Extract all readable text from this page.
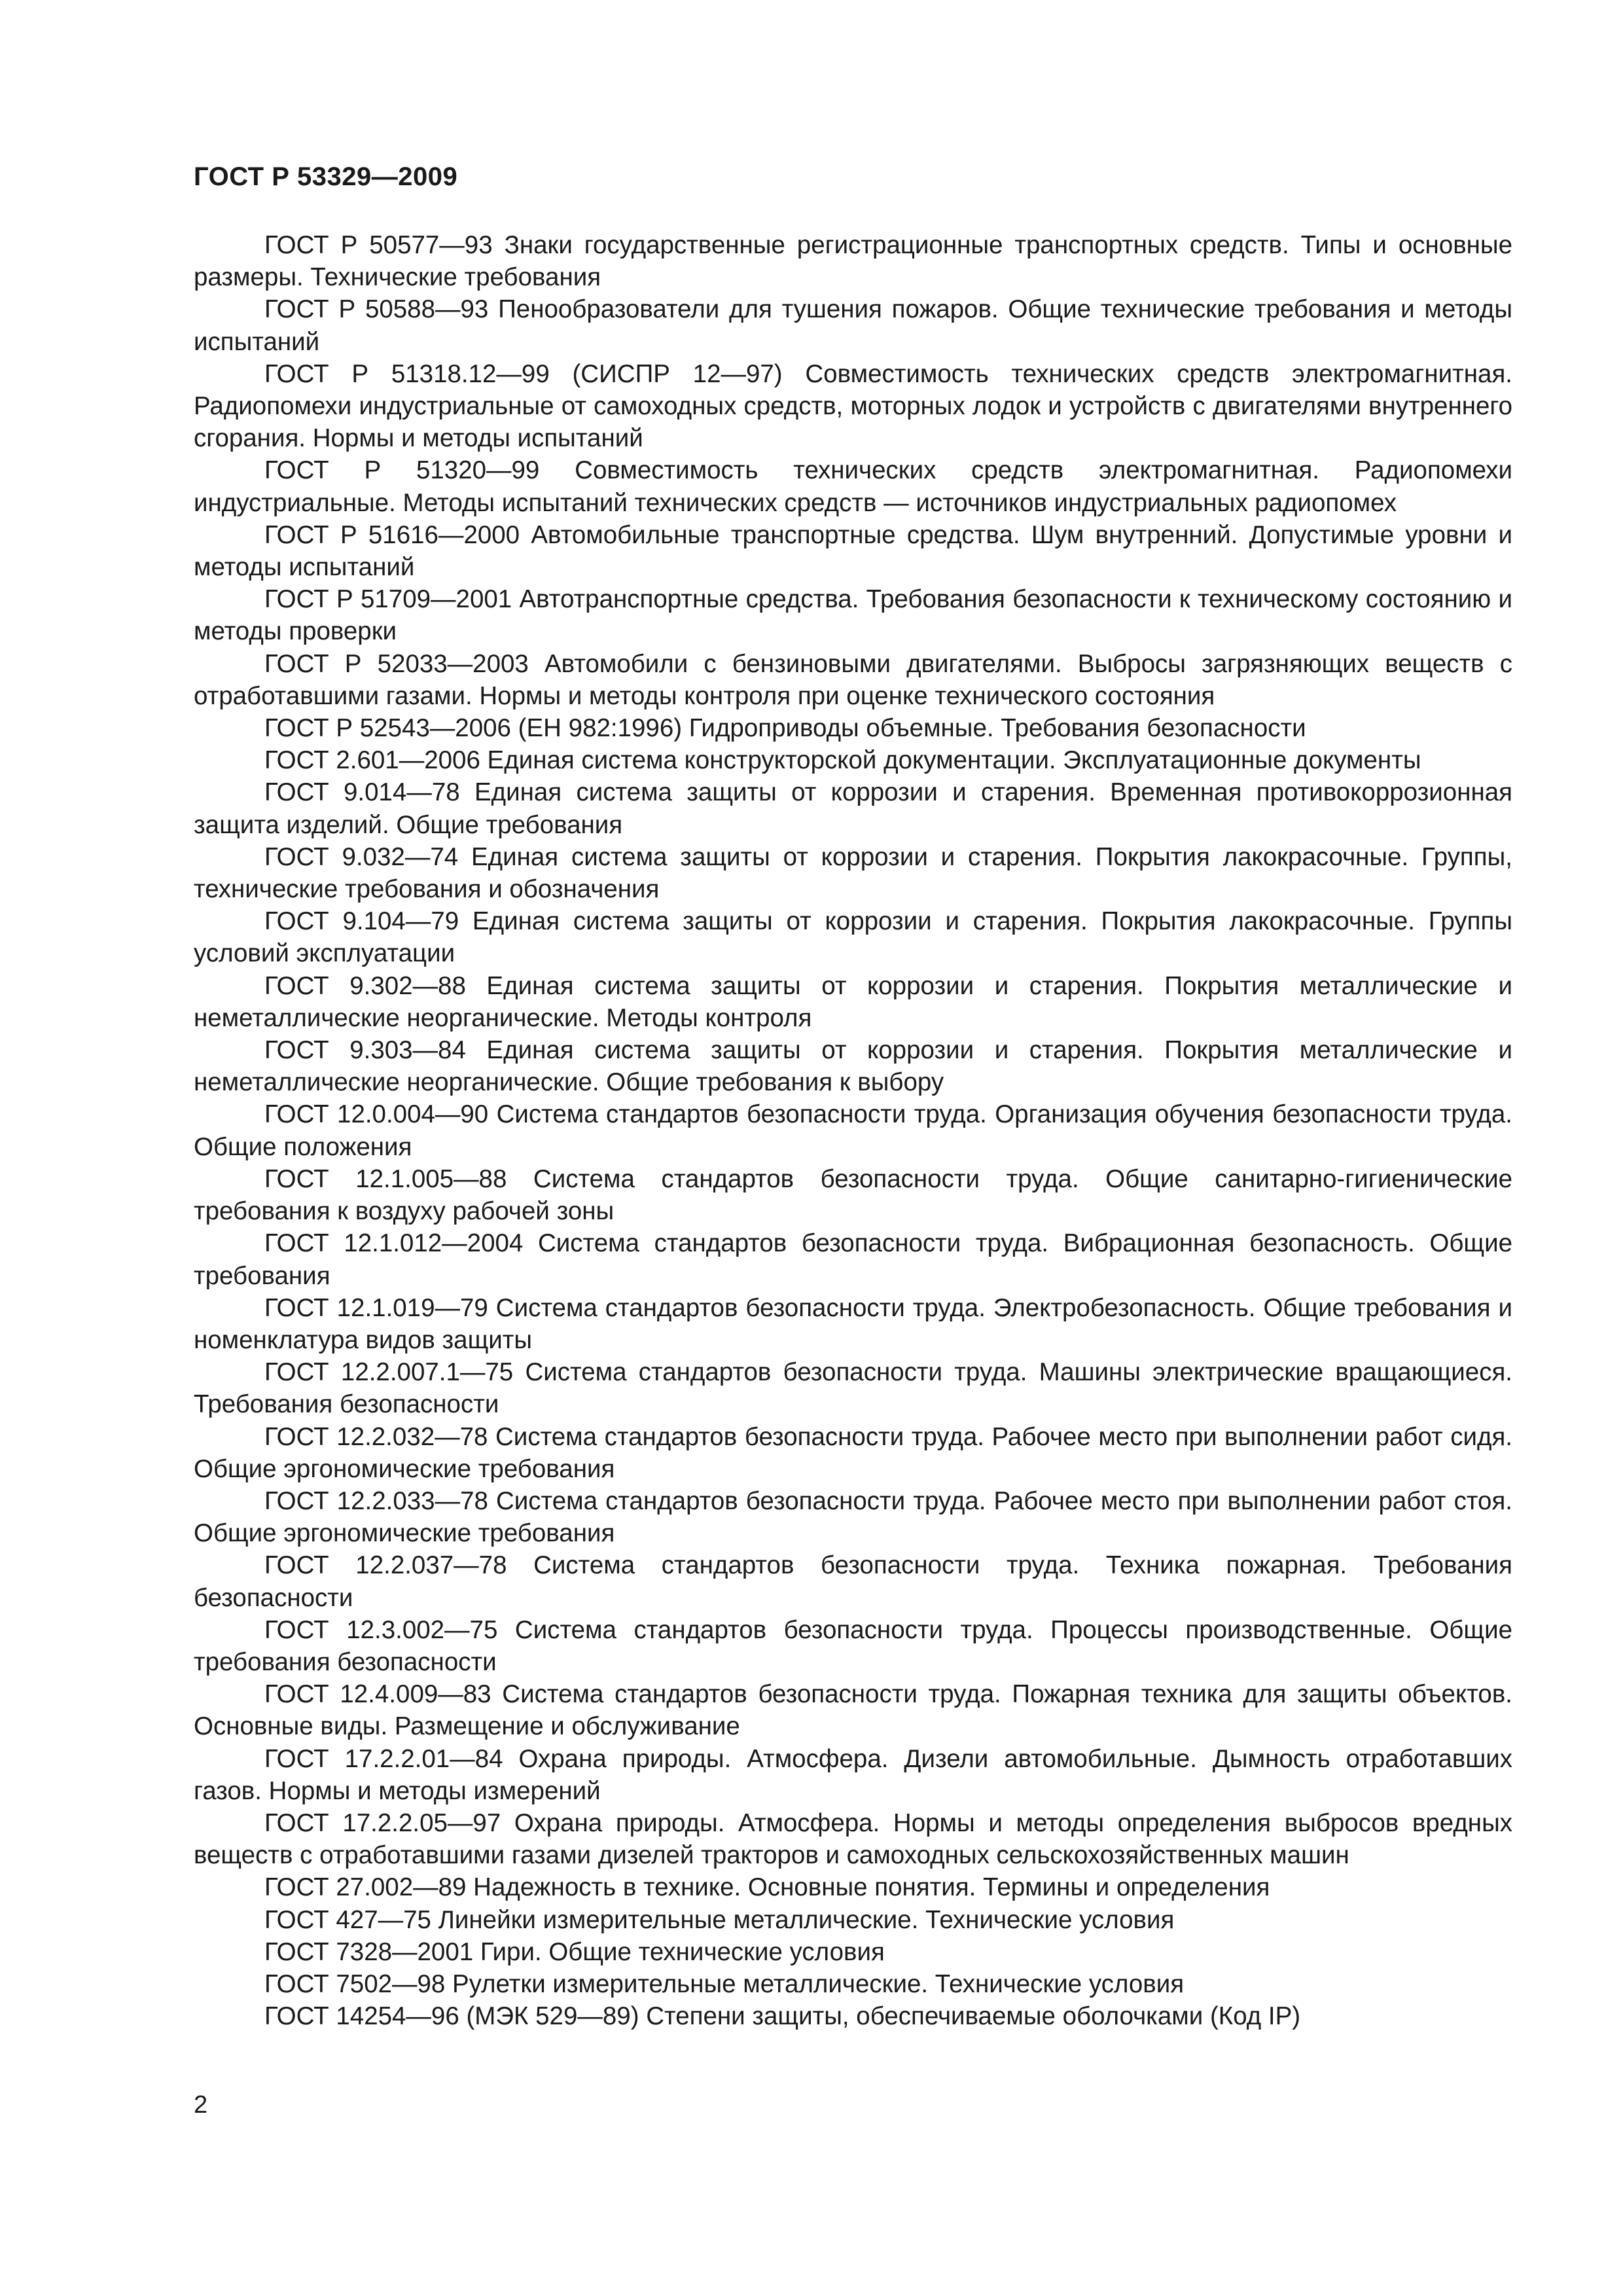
ГОСТ Р 53329—2009

ГОСТ Р 50577—93 Знаки государственные регистрационные транспортных средств. Типы и основные размеры. Технические требования

ГОСТ Р 50588—93 Пенообразователи для тушения пожаров. Общие технические требования и методы испытаний

ГОСТ Р 51318.12—99 (СИСПР 12—97) Совместимость технических средств электромагнитная. Радиопомехи индустриальные от самоходных средств, моторных лодок и устройств с двигателями внутреннего сгорания. Нормы и методы испытаний

ГОСТ Р 51320—99 Совместимость технических средств электромагнитная. Радиопомехи индустриальные. Методы испытаний технических средств — источников индустриальных радиопомех

ГОСТ Р 51616—2000 Автомобильные транспортные средства. Шум внутренний. Допустимые уровни и методы испытаний

ГОСТ Р 51709—2001 Автотранспортные средства. Требования безопасности к техническому состоянию и методы проверки

ГОСТ Р 52033—2003 Автомобили с бензиновыми двигателями. Выбросы загрязняющих веществ с отработавшими газами. Нормы и методы контроля при оценке технического состояния

ГОСТ Р 52543—2006 (ЕН 982:1996) Гидроприводы объемные. Требования безопасности

ГОСТ 2.601—2006 Единая система конструкторской документации. Эксплуатационные документы

ГОСТ 9.014—78 Единая система защиты от коррозии и старения. Временная противокоррозионная защита изделий. Общие требования

ГОСТ 9.032—74 Единая система защиты от коррозии и старения. Покрытия лакокрасочные. Группы, технические требования и обозначения

ГОСТ 9.104—79 Единая система защиты от коррозии и старения. Покрытия лакокрасочные. Группы условий эксплуатации

ГОСТ 9.302—88 Единая система защиты от коррозии и старения. Покрытия металлические и неметаллические неорганические. Методы контроля

ГОСТ 9.303—84 Единая система защиты от коррозии и старения. Покрытия металлические и неметаллические неорганические. Общие требования к выбору

ГОСТ 12.0.004—90 Система стандартов безопасности труда. Организация обучения безопасности труда. Общие положения

ГОСТ 12.1.005—88 Система стандартов безопасности труда. Общие санитарно-гигиенические требования к воздуху рабочей зоны

ГОСТ 12.1.012—2004 Система стандартов безопасности труда. Вибрационная безопасность. Общие требования

ГОСТ 12.1.019—79 Система стандартов безопасности труда. Электробезопасность. Общие требования и номенклатура видов защиты

ГОСТ 12.2.007.1—75 Система стандартов безопасности труда. Машины электрические вращающиеся. Требования безопасности

ГОСТ 12.2.032—78 Система стандартов безопасности труда. Рабочее место при выполнении работ сидя. Общие эргономические требования

ГОСТ 12.2.033—78 Система стандартов безопасности труда. Рабочее место при выполнении работ стоя. Общие эргономические требования

ГОСТ 12.2.037—78 Система стандартов безопасности труда. Техника пожарная. Требования безопасности

ГОСТ 12.3.002—75 Система стандартов безопасности труда. Процессы производственные. Общие требования безопасности

ГОСТ 12.4.009—83 Система стандартов безопасности труда. Пожарная техника для защиты объектов. Основные виды. Размещение и обслуживание

ГОСТ 17.2.2.01—84 Охрана природы. Атмосфера. Дизели автомобильные. Дымность отработавших газов. Нормы и методы измерений

ГОСТ 17.2.2.05—97 Охрана природы. Атмосфера. Нормы и методы определения выбросов вредных веществ с отработавшими газами дизелей тракторов и самоходных сельскохозяйственных машин

ГОСТ 27.002—89 Надежность в технике. Основные понятия. Термины и определения

ГОСТ 427—75 Линейки измерительные металлические. Технические условия

ГОСТ 7328—2001 Гири. Общие технические условия

ГОСТ 7502—98 Рулетки измерительные металлические. Технические условия

ГОСТ 14254—96 (МЭК 529—89) Степени защиты, обеспечиваемые оболочками (Код IP)

2
